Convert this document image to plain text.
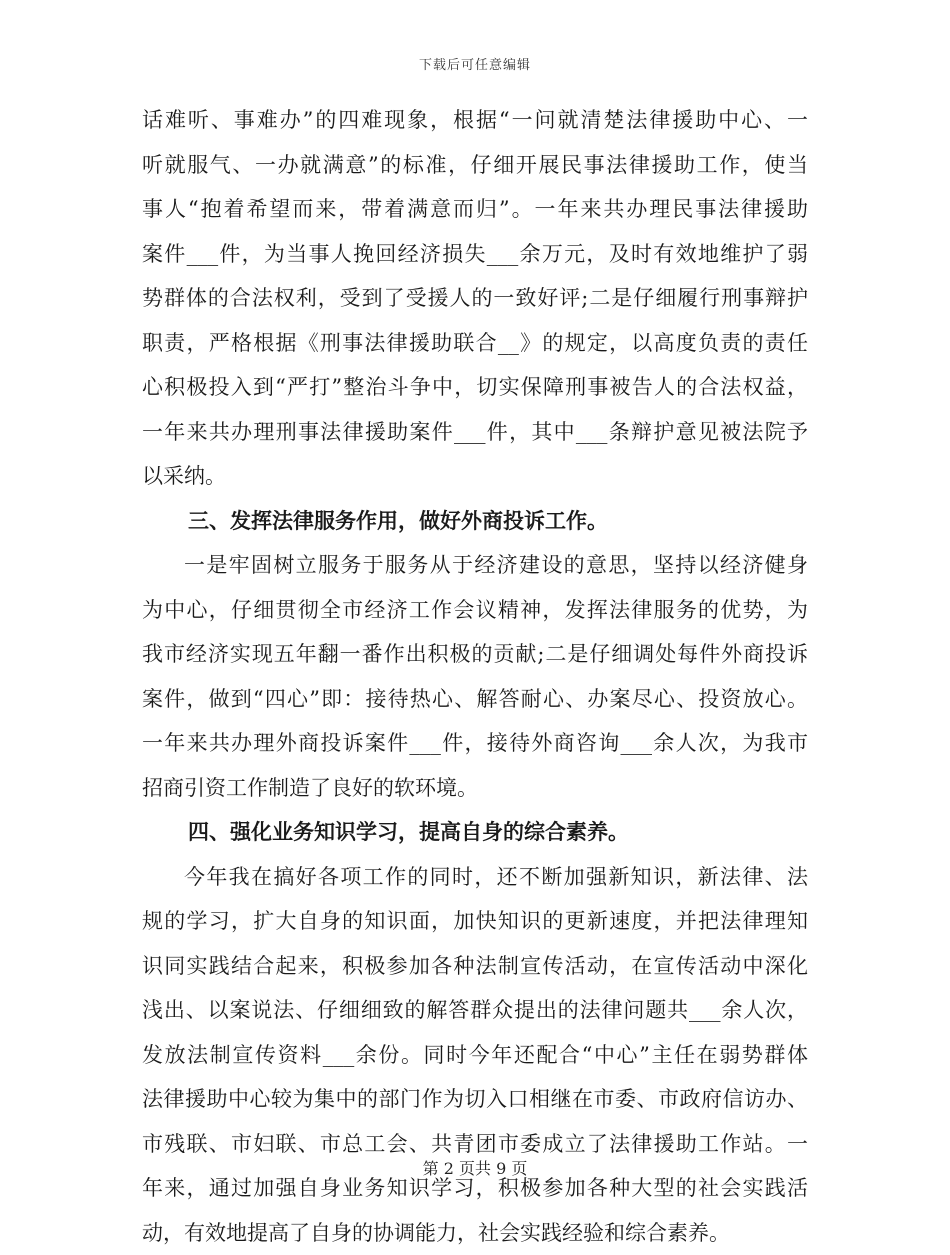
下载后可任意编辑
话难听、事难办”的四难现象，根据“一问就清楚法律援助中心、一
听就服气、一办就满意”的标准，仔细开展民事法律援助工作，使当
事人“抱着希望而来，带着满意而归”。一年来共办理民事法律援助
案件___件，为当事人挽回经济损失___余万元，及时有效地维护了弱
势群体的合法权利，受到了受援人的一致好评;二是仔细履行刑事辩护
职责，严格根据《刑事法律援助联合__》的规定，以高度负责的责任
心积极投入到“严打”整治斗争中，切实保障刑事被告人的合法权益，
一年来共办理刑事法律援助案件___件，其中___条辩护意见被法院予
以采纳。
三、发挥法律服务作用，做好外商投诉工作。
一是牢固树立服务于服务从于经济建设的意思，坚持以经济健身
为中心，仔细贯彻全市经济工作会议精神，发挥法律服务的优势，为
我市经济实现五年翻一番作出积极的贡献;二是仔细调处每件外商投诉
案件，做到“四心”即：接待热心、解答耐心、办案尽心、投资放心。
一年来共办理外商投诉案件___件，接待外商咨询___余人次，为我市
招商引资工作制造了良好的软环境。
四、强化业务知识学习，提高自身的综合素养。
今年我在搞好各项工作的同时，还不断加强新知识，新法律、法
规的学习，扩大自身的知识面，加快知识的更新速度，并把法律理知
识同实践结合起来，积极参加各种法制宣传活动，在宣传活动中深化
浅出、以案说法、仔细细致的解答群众提出的法律问题共___余人次，
发放法制宣传资料___余份。同时今年还配合“中心”主任在弱势群体
法律援助中心较为集中的部门作为切入口相继在市委、市政府信访办、
市残联、市妇联、市总工会、共青团市委成立了法律援助工作站。一
年来，通过加强自身业务知识学习，积极参加各种大型的社会实践活
动，有效地提高了自身的协调能力，社会实践经验和综合素养。
第 2 页共 9 页
